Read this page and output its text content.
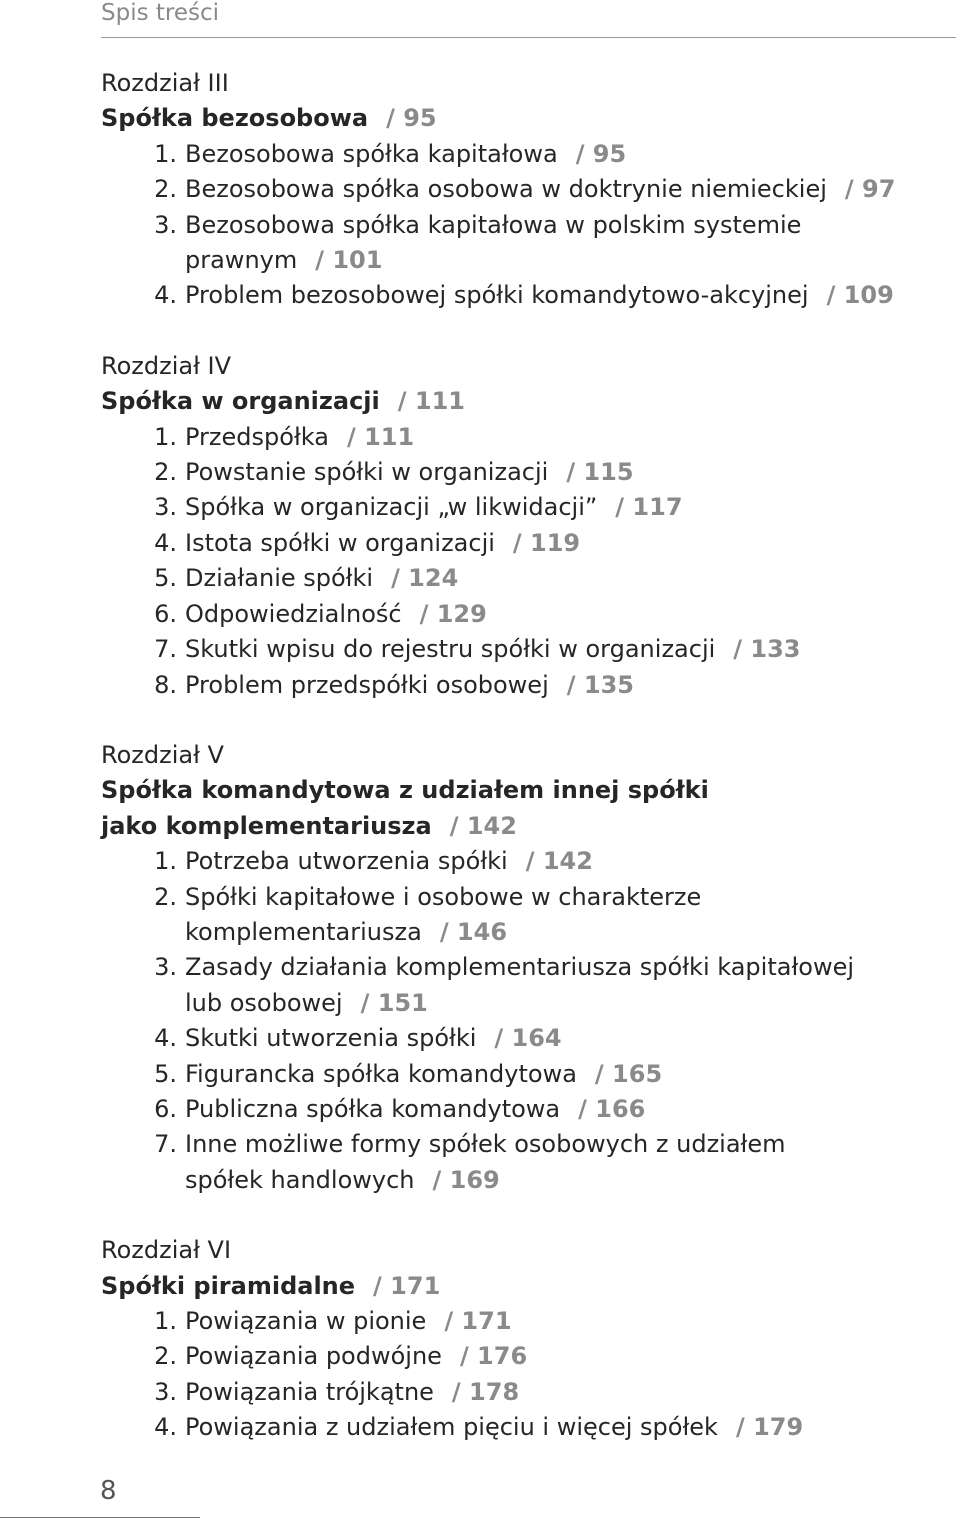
Spis treści
Rozdział III
Spółka bezosobowa / 95
1. Bezosobowa spółka kapitałowa / 95
2. Bezosobowa spółka osobowa w doktrynie niemieckiej / 97
3. Bezosobowa spółka kapitałowa w polskim systemie
prawnym / 101
4. Problem bezosobowej spółki komandytowo-akcyjnej / 109
Rozdział IV
Spółka w organizacji / 111
1. Przedspółka / 111
2. Powstanie spółki w organizacji / 115
3. Spółka w organizacji „w likwidacji” / 117
4. Istota spółki w organizacji / 119
5. Działanie spółki / 124
6. Odpowiedzialność / 129
7. Skutki wpisu do rejestru spółki w organizacji / 133
8. Problem przedspółki osobowej / 135
Rozdział V
Spółka komandytowa z udziałem innej spółki
jako komplementariusza / 142
1. Potrzeba utworzenia spółki / 142
2. Spółki kapitałowe i osobowe w charakterze
komplementariusza / 146
3. Zasady działania komplementariusza spółki kapitałowej
lub osobowej / 151
4. Skutki utworzenia spółki / 164
5. Figurancka spółka komandytowa / 165
6. Publiczna spółka komandytowa / 166
7. Inne możliwe formy spółek osobowych z udziałem
spółek handlowych / 169
Rozdział VI
Spółki piramidalne / 171
1. Powiązania w pionie / 171
2. Powiązania podwójne / 176
3. Powiązania trójkątne / 178
4. Powiązania z udziałem pięciu i więcej spółek / 179
8
